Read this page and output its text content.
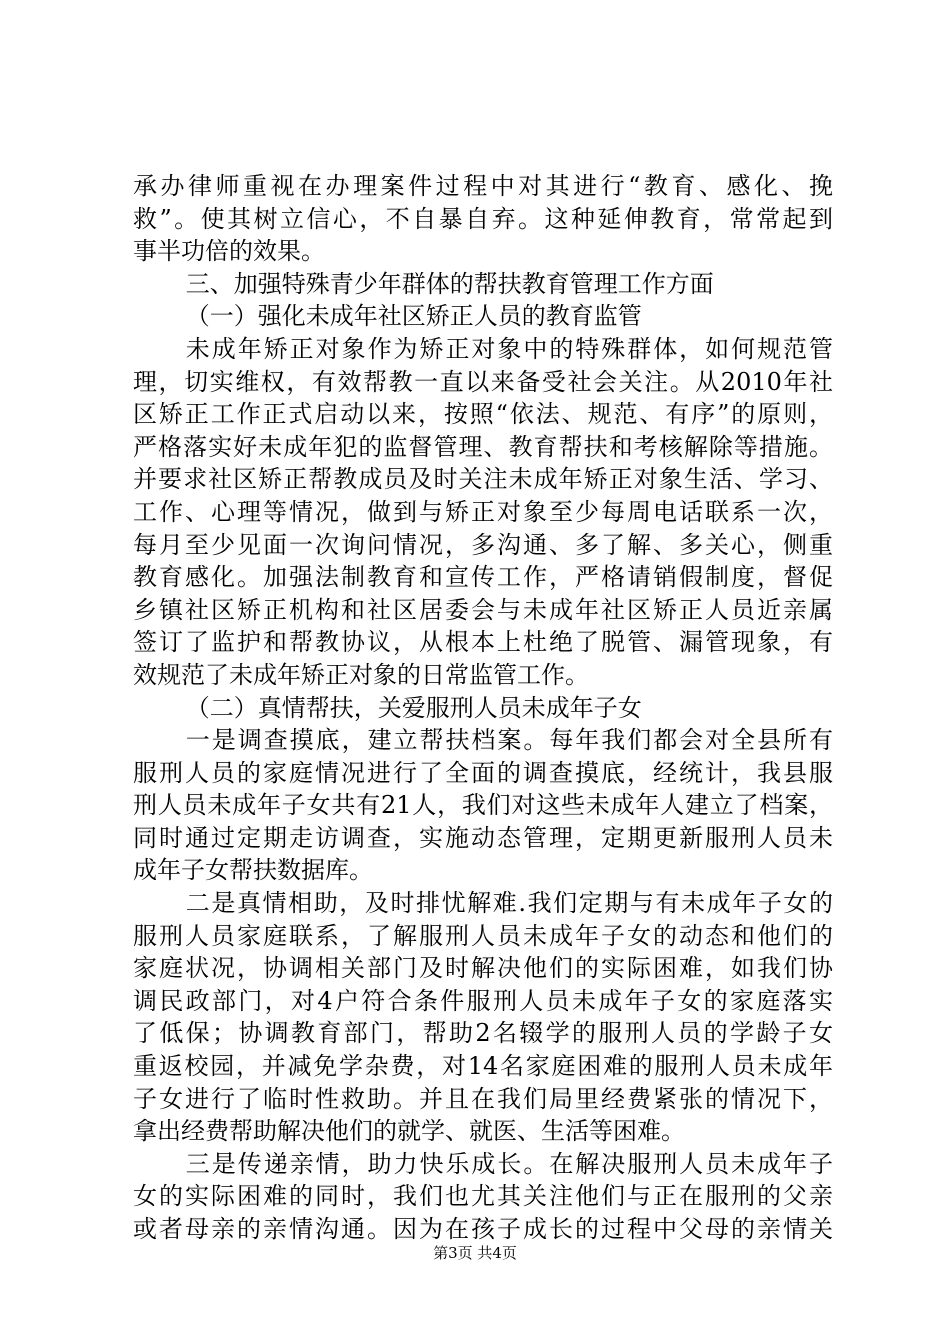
承办律师重视在办理案件过程中对其进行“教育、感化、挽
救”。使其树立信心，不自暴自弃。这种延伸教育，常常起到
事半功倍的效果。
三、加强特殊青少年群体的帮扶教育管理工作方面
（一）强化未成年社区矫正人员的教育监管
未成年矫正对象作为矫正对象中的特殊群体，如何规范管
理，切实维权，有效帮教一直以来备受社会关注。从2010年社
区矫正工作正式启动以来，按照“依法、规范、有序”的原则，
严格落实好未成年犯的监督管理、教育帮扶和考核解除等措施。
并要求社区矫正帮教成员及时关注未成年矫正对象生活、学习、
工作、心理等情况，做到与矫正对象至少每周电话联系一次，
每月至少见面一次询问情况，多沟通、多了解、多关心，侧重
教育感化。加强法制教育和宣传工作，严格请销假制度，督促
乡镇社区矫正机构和社区居委会与未成年社区矫正人员近亲属
签订了监护和帮教协议，从根本上杜绝了脱管、漏管现象，有
效规范了未成年矫正对象的日常监管工作。
（二）真情帮扶，关爱服刑人员未成年子女
一是调查摸底，建立帮扶档案。每年我们都会对全县所有
服刑人员的家庭情况进行了全面的调查摸底，经统计，我县服
刑人员未成年子女共有21人，我们对这些未成年人建立了档案，
同时通过定期走访调查，实施动态管理，定期更新服刑人员未
成年子女帮扶数据库。
二是真情相助，及时排忧解难.我们定期与有未成年子女的
服刑人员家庭联系，了解服刑人员未成年子女的动态和他们的
家庭状况，协调相关部门及时解决他们的实际困难，如我们协
调民政部门，对4户符合条件服刑人员未成年子女的家庭落实
了低保；协调教育部门，帮助2名辍学的服刑人员的学龄子女
重返校园，并减免学杂费，对14名家庭困难的服刑人员未成年
子女进行了临时性救助。并且在我们局里经费紧张的情况下，
拿出经费帮助解决他们的就学、就医、生活等困难。
三是传递亲情，助力快乐成长。在解决服刑人员未成年子
女的实际困难的同时，我们也尤其关注他们与正在服刑的父亲
或者母亲的亲情沟通。因为在孩子成长的过程中父母的亲情关
第3页 共4页
